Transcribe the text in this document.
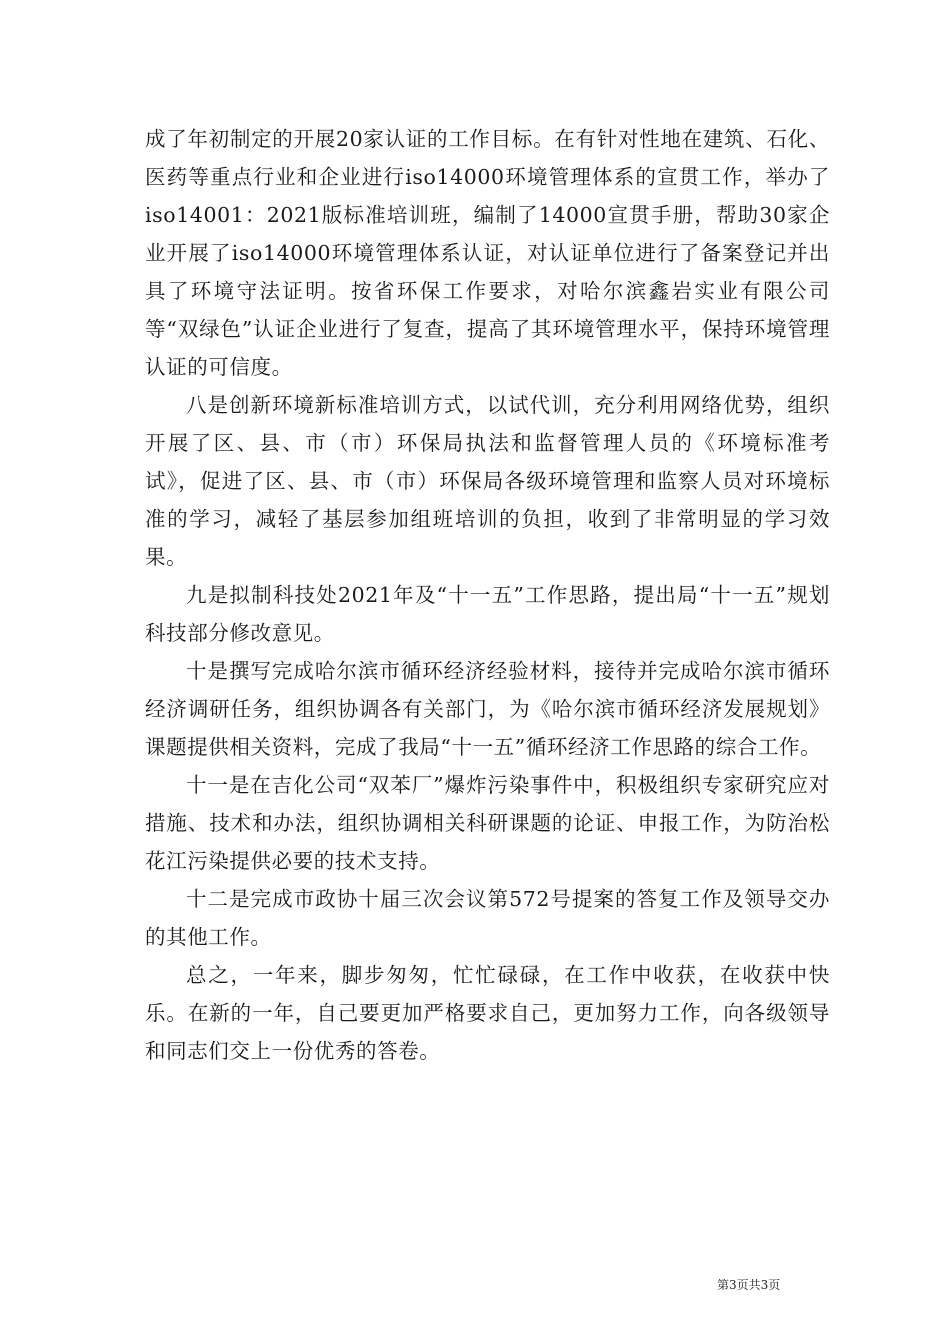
成了年初制定的开展20家认证的工作目标。在有针对性地在建筑、石化、医药等重点行业和企业进行iso14000环境管理体系的宣贯工作，举办了iso14001：2021版标准培训班，编制了14000宣贯手册，帮助30家企业开展了iso14000环境管理体系认证，对认证单位进行了备案登记并出具了环境守法证明。按省环保工作要求，对哈尔滨鑫岩实业有限公司等“双绿色”认证企业进行了复查，提高了其环境管理水平，保持环境管理认证的可信度。

八是创新环境新标准培训方式，以试代训，充分利用网络优势，组织开展了区、县、市（市）环保局执法和监督管理人员的《环境标准考试》，促进了区、县、市（市）环保局各级环境管理和监察人员对环境标准的学习，减轻了基层参加组班培训的负担，收到了非常明显的学习效果。

九是拟制科技处2021年及“十一五”工作思路，提出局“十一五”规划科技部分修改意见。

十是撰写完成哈尔滨市循环经济经验材料，接待并完成哈尔滨市循环经济调研任务，组织协调各有关部门，为《哈尔滨市循环经济发展规划》课题提供相关资料，完成了我局“十一五”循环经济工作思路的综合工作。

十一是在吉化公司“双苯厂”爆炸污染事件中，积极组织专家研究应对措施、技术和办法，组织协调相关科研课题的论证、申报工作，为防治松花江污染提供必要的技术支持。

十二是完成市政协十届三次会议第572号提案的答复工作及领导交办的其他工作。

总之，一年来，脚步匆匆，忙忙碌碌，在工作中收获，在收获中快乐。在新的一年，自己要更加严格要求自己，更加努力工作，向各级领导和同志们交上一份优秀的答卷。

第3页共3页
